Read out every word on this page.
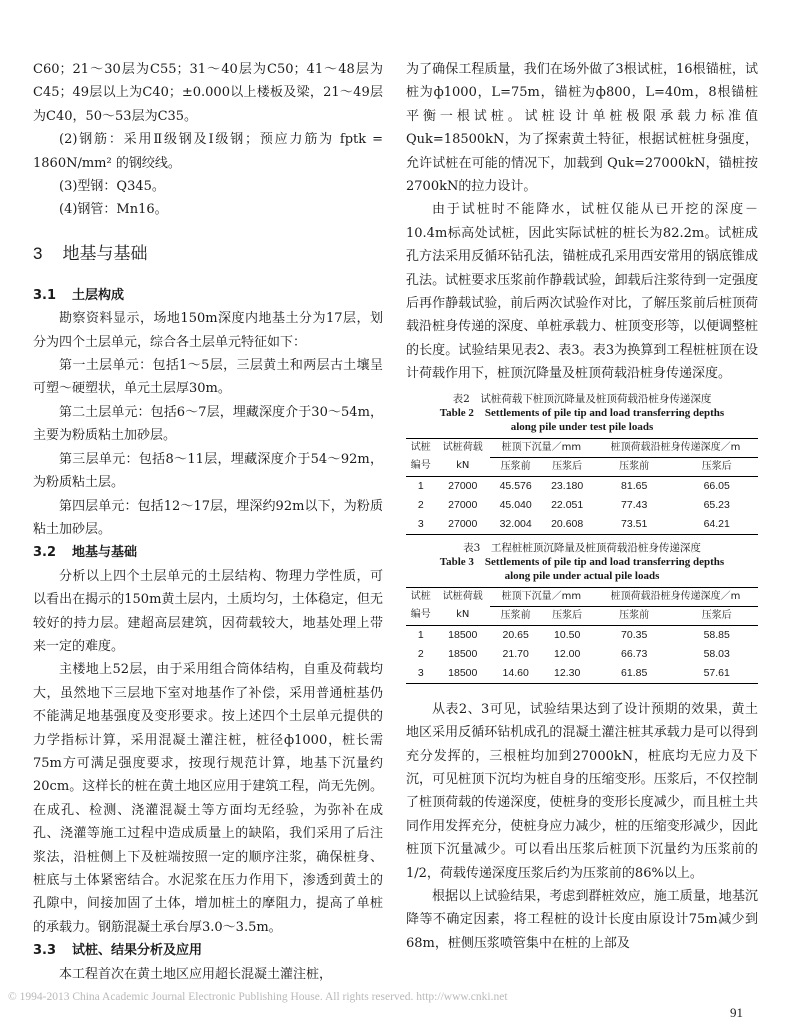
C60；21～30层为C55；31～40层为C50；41～48层为C45；49层以上为C40；±0.000以上楼板及梁，21～49层为C40，50～53层为C35。

(2)钢筋：采用Ⅱ级钢及Ⅰ级钢；预应力筋为 fptk = 1860N/mm² 的钢绞线。

(3)型钢：Q345。

(4)钢管：Mn16。

3 地基与基础
3.1 土层构成

勘察资料显示，场地150m深度内地基土分为17层，划分为四个土层单元，综合各土层单元特征如下：

第一土层单元：包括1～5层，三层黄土和两层古土壤呈可塑～硬塑状，单元土层厚30m。

第二土层单元：包括6～7层，埋藏深度介于30～54m，主要为粉质粘土加砂层。

第三层单元：包括8～11层，埋藏深度介于54～92m，为粉质粘土层。

第四层单元：包括12～17层，埋深约92m以下，为粉质粘土加砂层。

3.2 地基与基础

分析以上四个土层单元的土层结构、物理力学性质，可以看出在揭示的150m黄土层内，土质均匀，土体稳定，但无较好的持力层。建超高层建筑，因荷载较大，地基处理上带来一定的难度。

主楼地上52层，由于采用组合筒体结构，自重及荷载均大，虽然地下三层地下室对地基作了补偿，采用普通桩基仍不能满足地基强度及变形要求。按上述四个土层单元提供的力学指标计算，采用混凝土灌注桩，桩径ф1000，桩长需75m方可满足强度要求，按现行规范计算，地基下沉量约20cm。这样长的桩在黄土地区应用于建筑工程，尚无先例。在成孔、检测、浇灌混凝土等方面均无经验，为弥补在成孔、浇灌等施工过程中造成质量上的缺陷，我们采用了后注浆法，沿桩侧上下及桩端按照一定的顺序注浆，确保桩身、桩底与土体紧密结合。水泥浆在压力作用下，渗透到黄土的孔隙中，间接加固了土体，增加桩土的摩阻力，提高了单桩的承载力。钢筋混凝土承台厚3.0～3.5m。

3.3 试桩、结果分析及应用

本工程首次在黄土地区应用超长混凝土灌注桩，

为了确保工程质量，我们在场外做了3根试桩，16根锚桩，试桩为ф1000，L=75m，锚桩为ф800，L=40m，8根锚桩平衡一根试桩。试桩设计单桩极限承载力标准值 Quk=18500kN，为了探索黄土特征，根据试桩桩身强度，允许试桩在可能的情况下，加载到 Quk=27000kN，锚桩按2700kN的拉力设计。

由于试桩时不能降水，试桩仅能从已开挖的深度－10.4m标高处试桩，因此实际试桩的桩长为82.2m。试桩成孔方法采用反循环钻孔法，锚桩成孔采用西安常用的锅底锥成孔法。试桩要求压浆前作静载试验，卸载后注浆待到一定强度后再作静载试验，前后两次试验作对比，了解压浆前后桩顶荷载沿桩身传递的深度、单桩承载力、桩顶变形等，以便调整桩的长度。试验结果见表2、表3。表3为换算到工程桩桩顶在设计荷载作用下，桩顶沉降量及桩顶荷载沿桩身传递深度。

表2　试桩荷载下桩顶沉降量及桩顶荷载沿桩身传递深度
Table 2　Settlements of pile tip and load transferring depths
along pile under test pile loads
试桩	试桩荷载	桩顶下沉量／mm		桩顶荷载沿桩身传递深度／m	
编号	kN	压浆前	压浆后	压浆前	压浆后
1	27000	45.576	23.180	81.65	66.05
2	27000	45.040	22.051	77.43	65.23
3	27000	32.004	20.608	73.51	64.21
表3　工程桩桩顶沉降量及桩顶荷载沿桩身传递深度
Table 3　Settlements of pile tip and load transferring depths
along pile under actual pile loads
试桩	试桩荷载	桩顶下沉量／mm		桩顶荷载沿桩身传递深度／m	
编号	kN	压浆前	压浆后	压浆前	压浆后
1	18500	20.65	10.50	70.35	58.85
2	18500	21.70	12.00	66.73	58.03
3	18500	14.60	12.30	61.85	57.61

从表2、3可见，试验结果达到了设计预期的效果，黄土地区采用反循环钻机成孔的混凝土灌注桩其承载力是可以得到充分发挥的，三根桩均加到27000kN，桩底均无应力及下沉，可见桩顶下沉均为桩自身的压缩变形。压浆后，不仅控制了桩顶荷载的传递深度，使桩身的变形长度减少，而且桩土共同作用发挥充分，使桩身应力减少，桩的压缩变形减少，因此桩顶下沉量减少。可以看出压浆后桩顶下沉量约为压浆前的1/2，荷载传递深度压浆后约为压浆前的86%以上。

根据以上试验结果，考虑到群桩效应，施工质量，地基沉降等不确定因素，将工程桩的设计长度由原设计75m减少到68m，桩侧压浆喷管集中在桩的上部及

© 1994-2013 China Academic Journal Electronic Publishing House. All rights reserved. http://www.cnki.net
91
